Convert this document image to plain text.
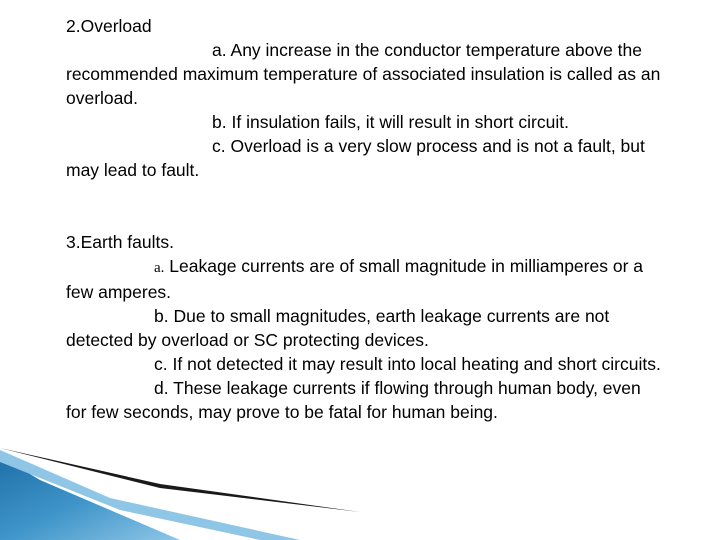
2.Overload

a. Any increase in the conductor temperature above the recommended maximum temperature of associated insulation is called as an overload.

b. If insulation fails, it will result in short circuit.

c. Overload is a very slow process and is not a fault, but may lead to fault.

3.Earth faults.

a. Leakage currents are of small magnitude in milliamperes or a few amperes.

b. Due to small magnitudes, earth leakage currents are not detected by overload or SC protecting devices.

c. If not detected it may result into local heating and short circuits.

d. These leakage currents if flowing through human body, even for few seconds, may prove to be fatal for human being.
